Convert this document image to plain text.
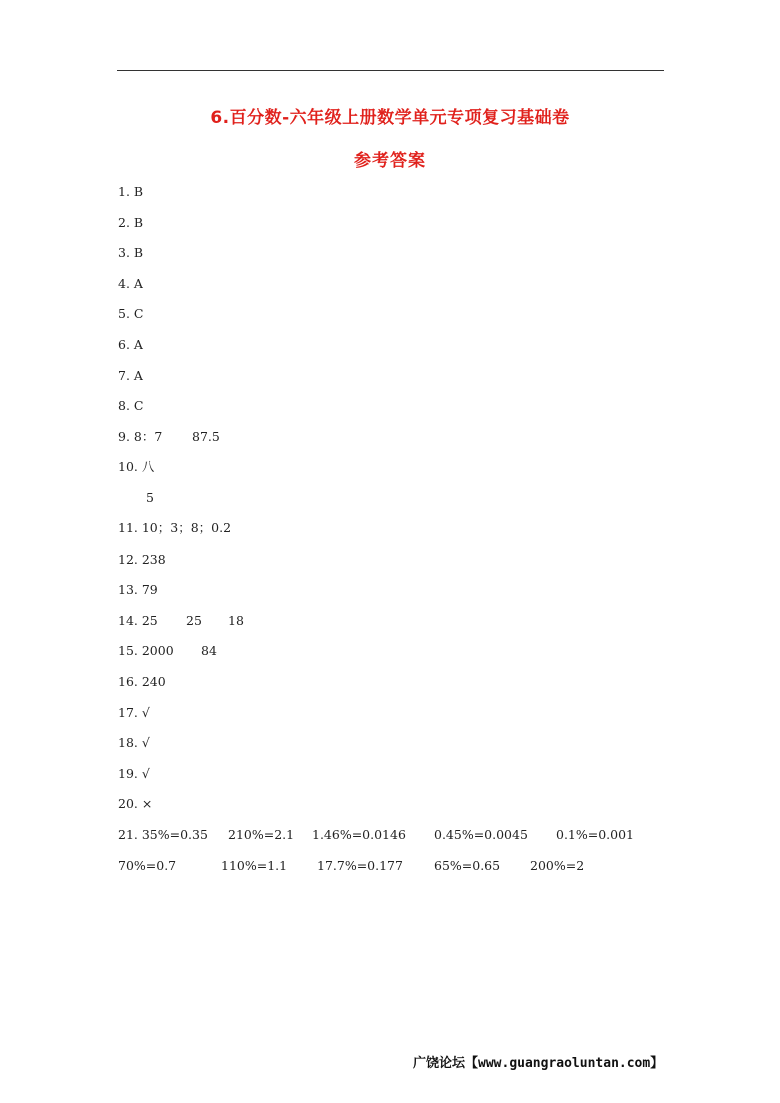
6.百分数-六年级上册数学单元专项复习基础卷
参考答案
1. B
2. B
3. B
4. A
5. C
6. A
7. A
8. C
9. 8：7 87.5
10. 八
5
11. 10；3；8；0.2
12. 238
13. 79
14. 25 25 18
15. 2000 84
16. 240
17. √
18. √
19. √
20. ×
21. 35%=0.35 210%=2.1 1.46%=0.0146 0.45%=0.0045 0.1%=0.001
70%=0.7	110%=1.1 17.7%=0.177 65%=0.65 200%=2
广饶论坛【www.guangraoluntan.com】
